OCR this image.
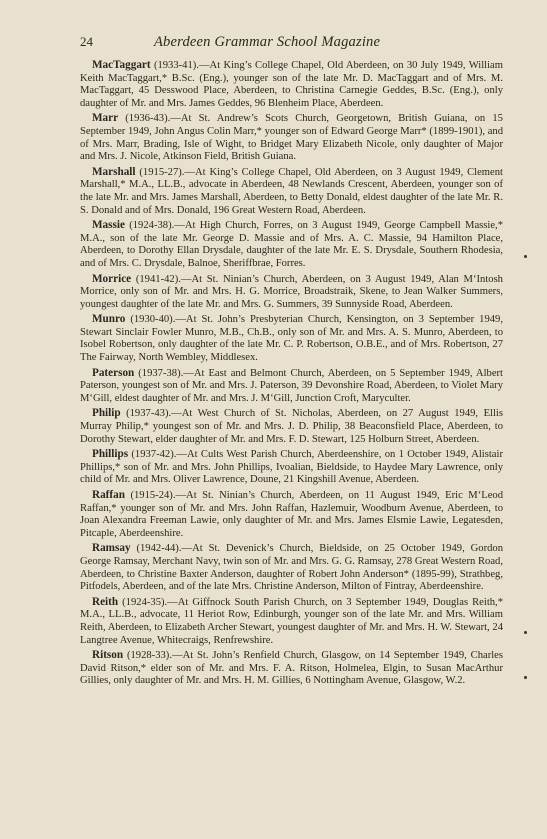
24	Aberdeen Grammar School Magazine

MacTaggart (1933-41).—At King’s College Chapel, Old Aberdeen, on 30 July 1949, William Keith MacTaggart,* B.Sc. (Eng.), younger son of the late Mr. D. MacTaggart and of Mrs. M. MacTaggart, 45 Desswood Place, Aberdeen, to Christina Carnegie Geddes, B.Sc. (Eng.), only daughter of Mr. and Mrs. James Geddes, 96 Blenheim Place, Aberdeen.

Marr (1936-43).—At St. Andrew’s Scots Church, Georgetown, British Guiana, on 15 September 1949, John Angus Colin Marr,* younger son of Edward George Marr* (1899-1901), and of Mrs. Marr, Brading, Isle of Wight, to Bridget Mary Elizabeth Nicole, only daughter of Major and Mrs. J. Nicole, Atkinson Field, British Guiana.

Marshall (1915-27).—At King’s College Chapel, Old Aberdeen, on 3 August 1949, Clement Marshall,* M.A., LL.B., advocate in Aberdeen, 48 Newlands Crescent, Aberdeen, younger son of the late Mr. and Mrs. James Marshall, Aberdeen, to Betty Donald, eldest daughter of the late Mr. R. S. Donald and of Mrs. Donald, 196 Great Western Road, Aberdeen.

Massie (1924-38).—At High Church, Forres, on 3 August 1949, George Campbell Massie,* M.A., son of the late Mr. George D. Massie and of Mrs. A. C. Massie, 94 Hamilton Place, Aberdeen, to Dorothy Ellan Drysdale, daughter of the late Mr. E. S. Drysdale, Southern Rhodesia, and of Mrs. C. Drysdale, Balnoe, Sheriffbrae, Forres.

Morrice (1941-42).—At St. Ninian’s Church, Aberdeen, on 3 August 1949, Alan M‘Intosh Morrice, only son of Mr. and Mrs. H. G. Morrice, Broadstraik, Skene, to Jean Walker Summers, youngest daughter of the late Mr. and Mrs. G. Summers, 39 Sunnyside Road, Aberdeen.

Munro (1930-40).—At St. John’s Presbyterian Church, Kensington, on 3 September 1949, Stewart Sinclair Fowler Munro, M.B., Ch.B., only son of Mr. and Mrs. A. S. Munro, Aberdeen, to Isobel Robertson, only daughter of the late Mr. C. P. Robertson, O.B.E., and of Mrs. Robertson, 27 The Fairway, North Wembley, Middlesex.

Paterson (1937-38).—At East and Belmont Church, Aberdeen, on 5 September 1949, Albert Paterson, youngest son of Mr. and Mrs. J. Paterson, 39 Devonshire Road, Aberdeen, to Violet Mary M‘Gill, eldest daughter of Mr. and Mrs. J. M‘Gill, Junction Croft, Maryculter.

Philip (1937-43).—At West Church of St. Nicholas, Aberdeen, on 27 August 1949, Ellis Murray Philip,* youngest son of Mr. and Mrs. J. D. Philip, 38 Beaconsfield Place, Aberdeen, to Dorothy Stewart, elder daughter of Mr. and Mrs. F. D. Stewart, 125 Holburn Street, Aberdeen.

Phillips (1937-42).—At Cults West Parish Church, Aberdeenshire, on 1 October 1949, Alistair Phillips,* son of Mr. and Mrs. John Phillips, Ivoalian, Bieldside, to Haydee Mary Lawrence, only child of Mr. and Mrs. Oliver Lawrence, Doune, 21 Kingshill Avenue, Aberdeen.

Raffan (1915-24).—At St. Ninian’s Church, Aberdeen, on 11 August 1949, Eric M‘Leod Raffan,* younger son of Mr. and Mrs. John Raffan, Hazlemuir, Woodburn Avenue, Aberdeen, to Joan Alexandra Freeman Lawie, only daughter of Mr. and Mrs. James Elsmie Lawie, Legatesden, Pitcaple, Aberdeenshire.

Ramsay (1942-44).—At St. Devenick’s Church, Bieldside, on 25 October 1949, Gordon George Ramsay, Merchant Navy, twin son of Mr. and Mrs. G. G. Ramsay, 278 Great Western Road, Aberdeen, to Christine Baxter Anderson, daughter of Robert John Anderson* (1895-99), Strathbeg, Pitfodels, Aberdeen, and of the late Mrs. Christine Anderson, Milton of Fintray, Aberdeenshire.

Reith (1924-35).—At Giffnock South Parish Church, on 3 September 1949, Douglas Reith,* M.A., LL.B., advocate, 11 Heriot Row, Edinburgh, younger son of the late Mr. and Mrs. William Reith, Aberdeen, to Elizabeth Archer Stewart, youngest daughter of Mr. and Mrs. H. W. Stewart, 24 Langtree Avenue, Whitecraigs, Renfrewshire.

Ritson (1928-33).—At St. John’s Renfield Church, Glasgow, on 14 September 1949, Charles David Ritson,* elder son of Mr. and Mrs. F. A. Ritson, Holmelea, Elgin, to Susan MacArthur Gillies, only daughter of Mr. and Mrs. H. M. Gillies, 6 Nottingham Avenue, Glasgow, W.2.
